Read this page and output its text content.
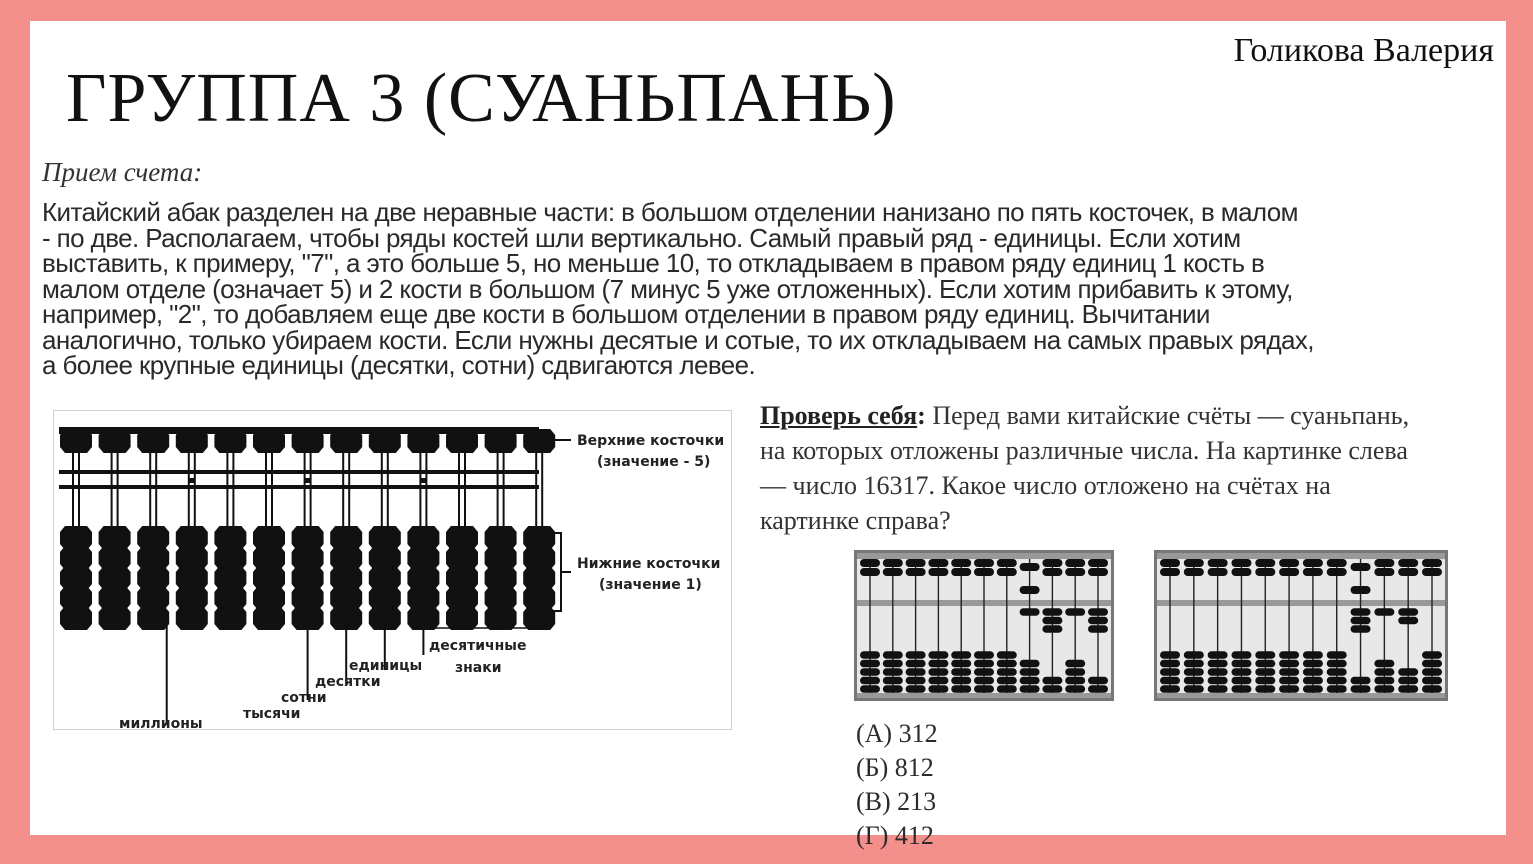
Голикова Валерия
ГРУППА 3 (СУАНЬПАНЬ)
Прием счета:
Китайский абак разделен на две неравные части: в большом отделении нанизано по пять косточек, в малом
- по две. Располагаем, чтобы ряды костей шли вертикально. Самый правый ряд - единицы. Если хотим
выставить, к примеру, "7", а это больше 5, но меньше 10, то откладываем в правом ряду единиц 1 кость в
малом отделе (означает 5) и 2 кости в большом (7 минус 5 уже отложенных). Если хотим прибавить к этому,
например, "2", то добавляем еще две кости в большом отделении в правом ряду единиц. Вычитании
аналогично, только убираем кости. Если нужны десятые и сотые, то их откладываем на самых правых рядах,
а более крупные единицы (десятки, сотни) сдвигаются левее.
Верхние косточки
(значение - 5)
Нижние косточки
(значение 1)
десятичные
знаки
единицы
десятки
сотни
тысячи
миллионы
Проверь себя: Перед вами китайские счёты — суаньпань,
на которых отложены различные числа. На картинке слева
— число 16317. Какое число отложено на счётах на
картинке справа?
(А) 312
(Б) 812
(В) 213
(Г) 412
